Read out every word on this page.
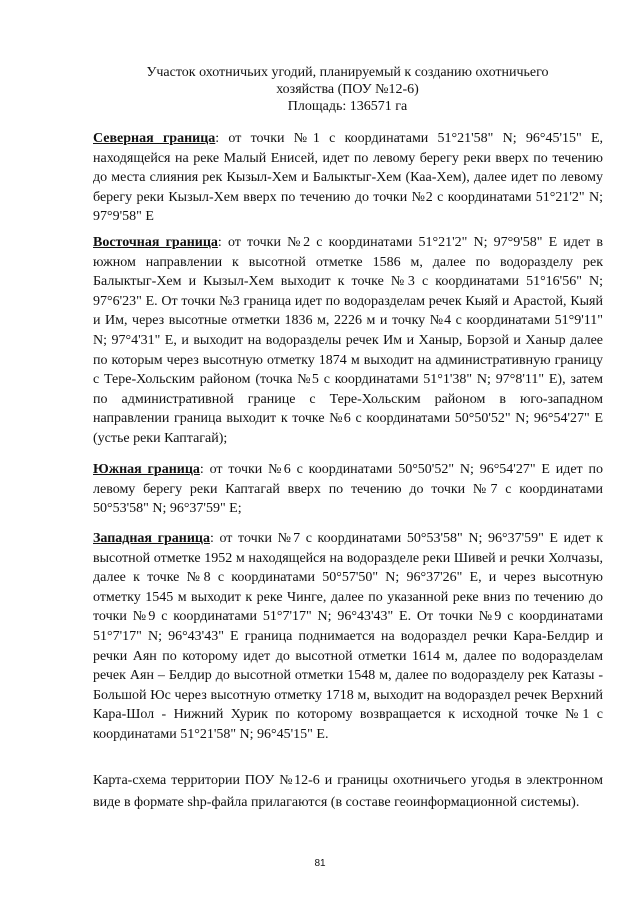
Участок охотничьих угодий, планируемый к созданию охотничьего
хозяйства (ПОУ №12-6)
Площадь: 136571 га
Северная граница: от точки №1 с координатами 51°21'58" N; 96°45'15" E, находящейся на реке Малый Енисей, идет по левому берегу реки вверх по течению до места слияния рек Кызыл-Хем и Балыктыг-Хем (Каа-Хем), далее идет по левому берегу реки Кызыл-Хем вверх по течению до точки №2 с координатами 51°21'2" N; 97°9'58" E
Восточная граница: от точки №2 с координатами 51°21'2" N; 97°9'58" E идет в южном направлении к высотной отметке 1586 м, далее по водоразделу рек Балыктыг-Хем и Кызыл-Хем выходит к точке №3 с координатами 51°16'56" N; 97°6'23" E. От точки №3 граница идет по водоразделам речек Кыяй и Арастой, Кыяй и Им, через высотные отметки 1836 м, 2226 м и точку №4 с координатами 51°9'11" N; 97°4'31" E, и выходит на водоразделы речек Им и Ханыр, Борзой и Ханыр далее по которым через высотную отметку 1874 м выходит на административную границу с Тере-Хольским районом (точка №5 с координатами 51°1'38" N; 97°8'11" E), затем по административной границе с Тере-Хольским районом в юго-западном направлении граница выходит к точке №6 с координатами 50°50'52" N; 96°54'27" E (устье реки Каптагай);
Южная граница: от точки №6 с координатами 50°50'52" N; 96°54'27" E идет по левому берегу реки Каптагай вверх по течению до точки №7 с координатами 50°53'58" N; 96°37'59" E;
Западная граница: от точки №7 с координатами 50°53'58" N; 96°37'59" E идет к высотной отметке 1952 м находящейся на водоразделе реки Шивей и речки Холчазы, далее к точке №8 с координатами 50°57'50" N; 96°37'26" E, и через высотную отметку 1545 м выходит к реке Чинге, далее по указанной реке вниз по течению до точки №9 с координатами 51°7'17" N; 96°43'43" E. От точки №9 с координатами 51°7'17" N; 96°43'43" E граница поднимается на водораздел речки Кара-Белдир и речки Аян по которому идет до высотной отметки 1614 м, далее по водоразделам речек Аян – Белдир до высотной отметки 1548 м, далее по водоразделу рек Катазы - Большой Юс через высотную отметку 1718 м, выходит на водораздел речек Верхний Кара-Шол - Нижний Хурик по которому возвращается к исходной точке №1 с координатами 51°21'58" N; 96°45'15" E.
Карта-схема территории ПОУ №12-6 и границы охотничьего угодья в электронном виде в формате shp-файла прилагаются (в составе геоинформационной системы).
81
